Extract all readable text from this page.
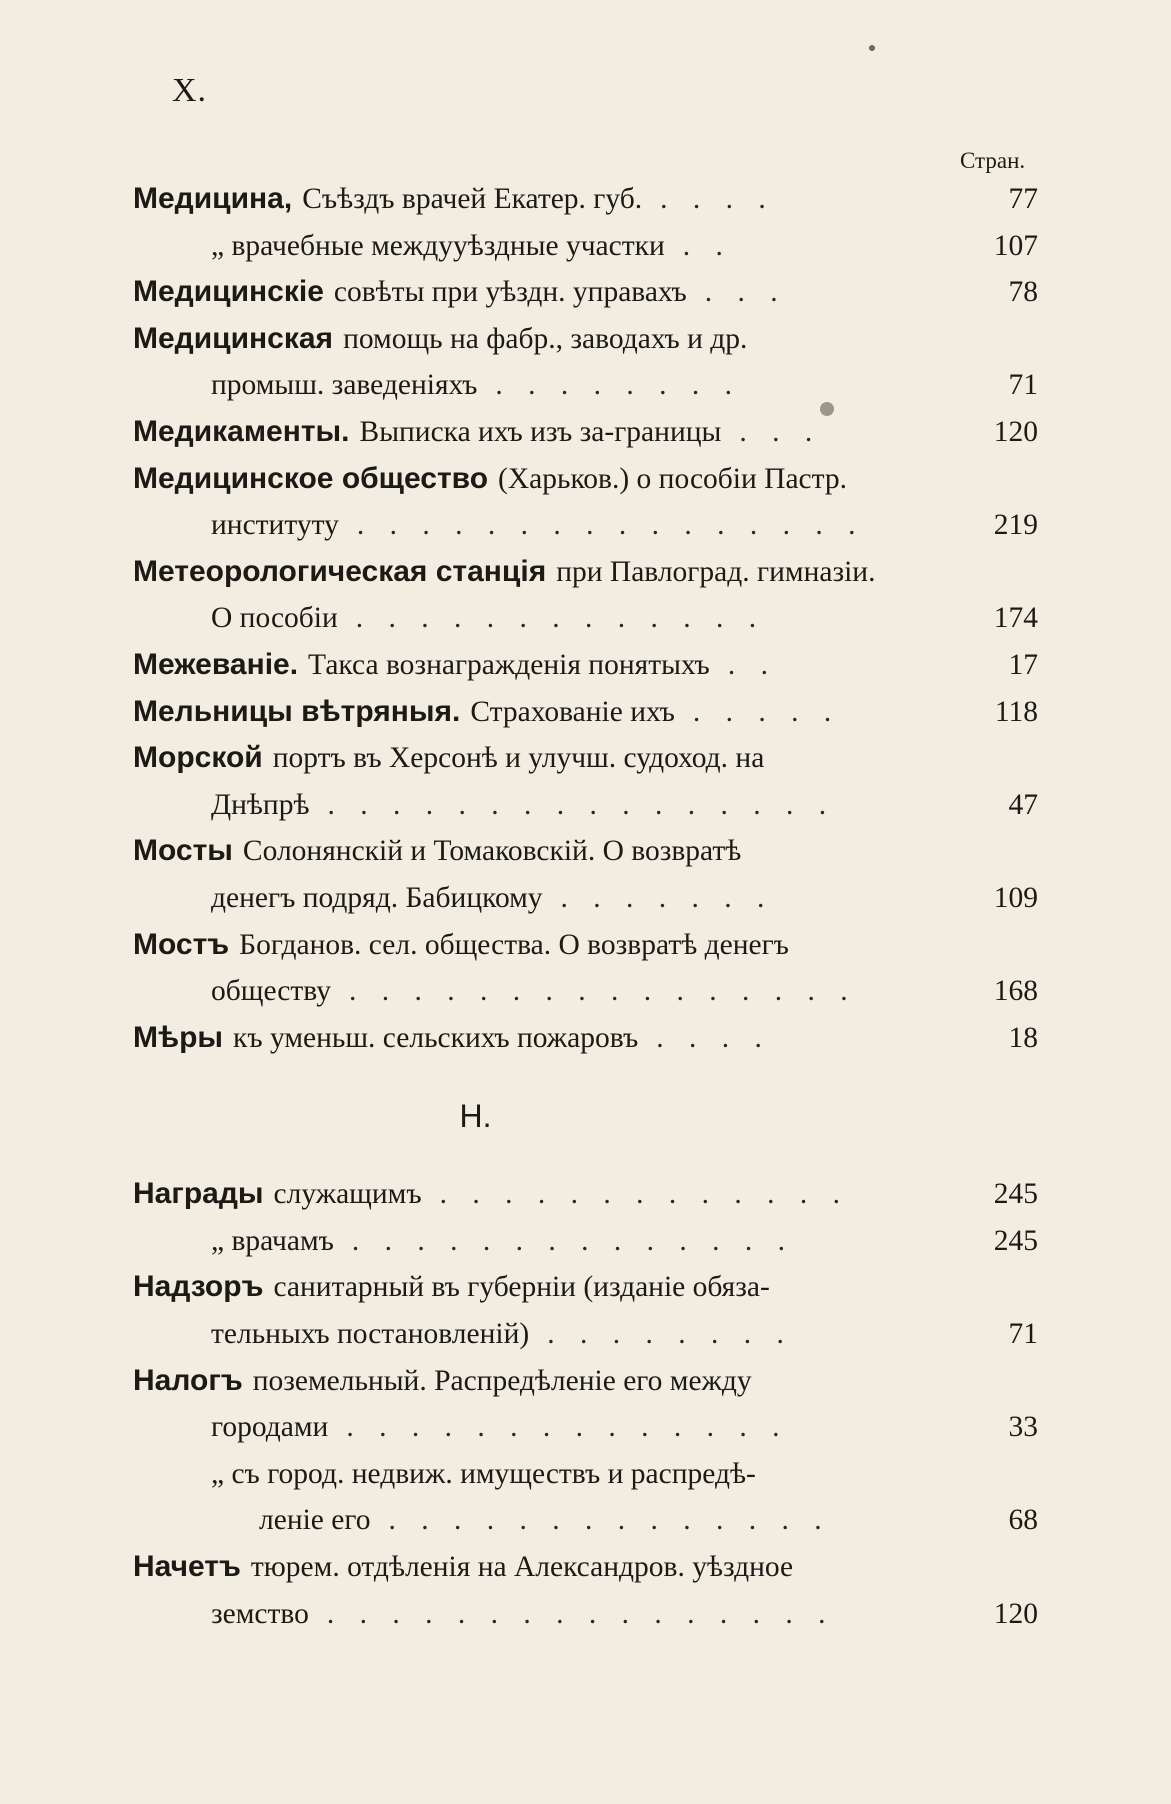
X.
Стран.
Медицина, Съѣздъ врачей Екатер. губ. . . . .	77
„ врачебные междууѣздные участки . .	107
Медицинскіе совѣты при уѣздн. управахъ . . .	78
Медицинская помощь на фабр., заводахъ и др.
промыш. заведеніяхъ . . . . . . . .	71
Медикаменты. Выписка ихъ изъ за-границы . . .	120
Медицинское общество (Харьков.) о пособіи Пастр.
институту . . . . . . . . . . . . . . . .	219
Метеорологическая станція при Павлоград. гимназіи.
О пособіи . . . . . . . . . . . . .	174
Межеваніе. Такса вознагражденія понятыхъ . .	17
Мельницы вѣтряныя. Страхованіе ихъ . . . . .	118
Морской портъ въ Херсонѣ и улучш. судоход. на
Днѣпрѣ . . . . . . . . . . . . . . . .	47
Мосты Солонянскій и Томаковскій. О возвратѣ
денегъ подряд. Бабицкому . . . . . . .	109
Мостъ Богданов. сел. общества. О возвратѣ денегъ
обществу . . . . . . . . . . . . . . . .	168
Мѣры къ уменьш. сельскихъ пожаровъ . . . .	18
Н.
Награды служащимъ . . . . . . . . . . . . .	245
„ врачамъ . . . . . . . . . . . . . .	245
Надзоръ санитарный въ губерніи (изданіе обяза-
тельныхъ постановленій) . . . . . . . .	71
Налогъ поземельный. Распредѣленіе его между
городами . . . . . . . . . . . . . .	33
„ съ город. недвиж. имуществъ и распредѣ-
леніе его . . . . . . . . . . . . . .	68
Начетъ тюрем. отдѣленія на Александров. уѣздное
земство . . . . . . . . . . . . . . . .	120
